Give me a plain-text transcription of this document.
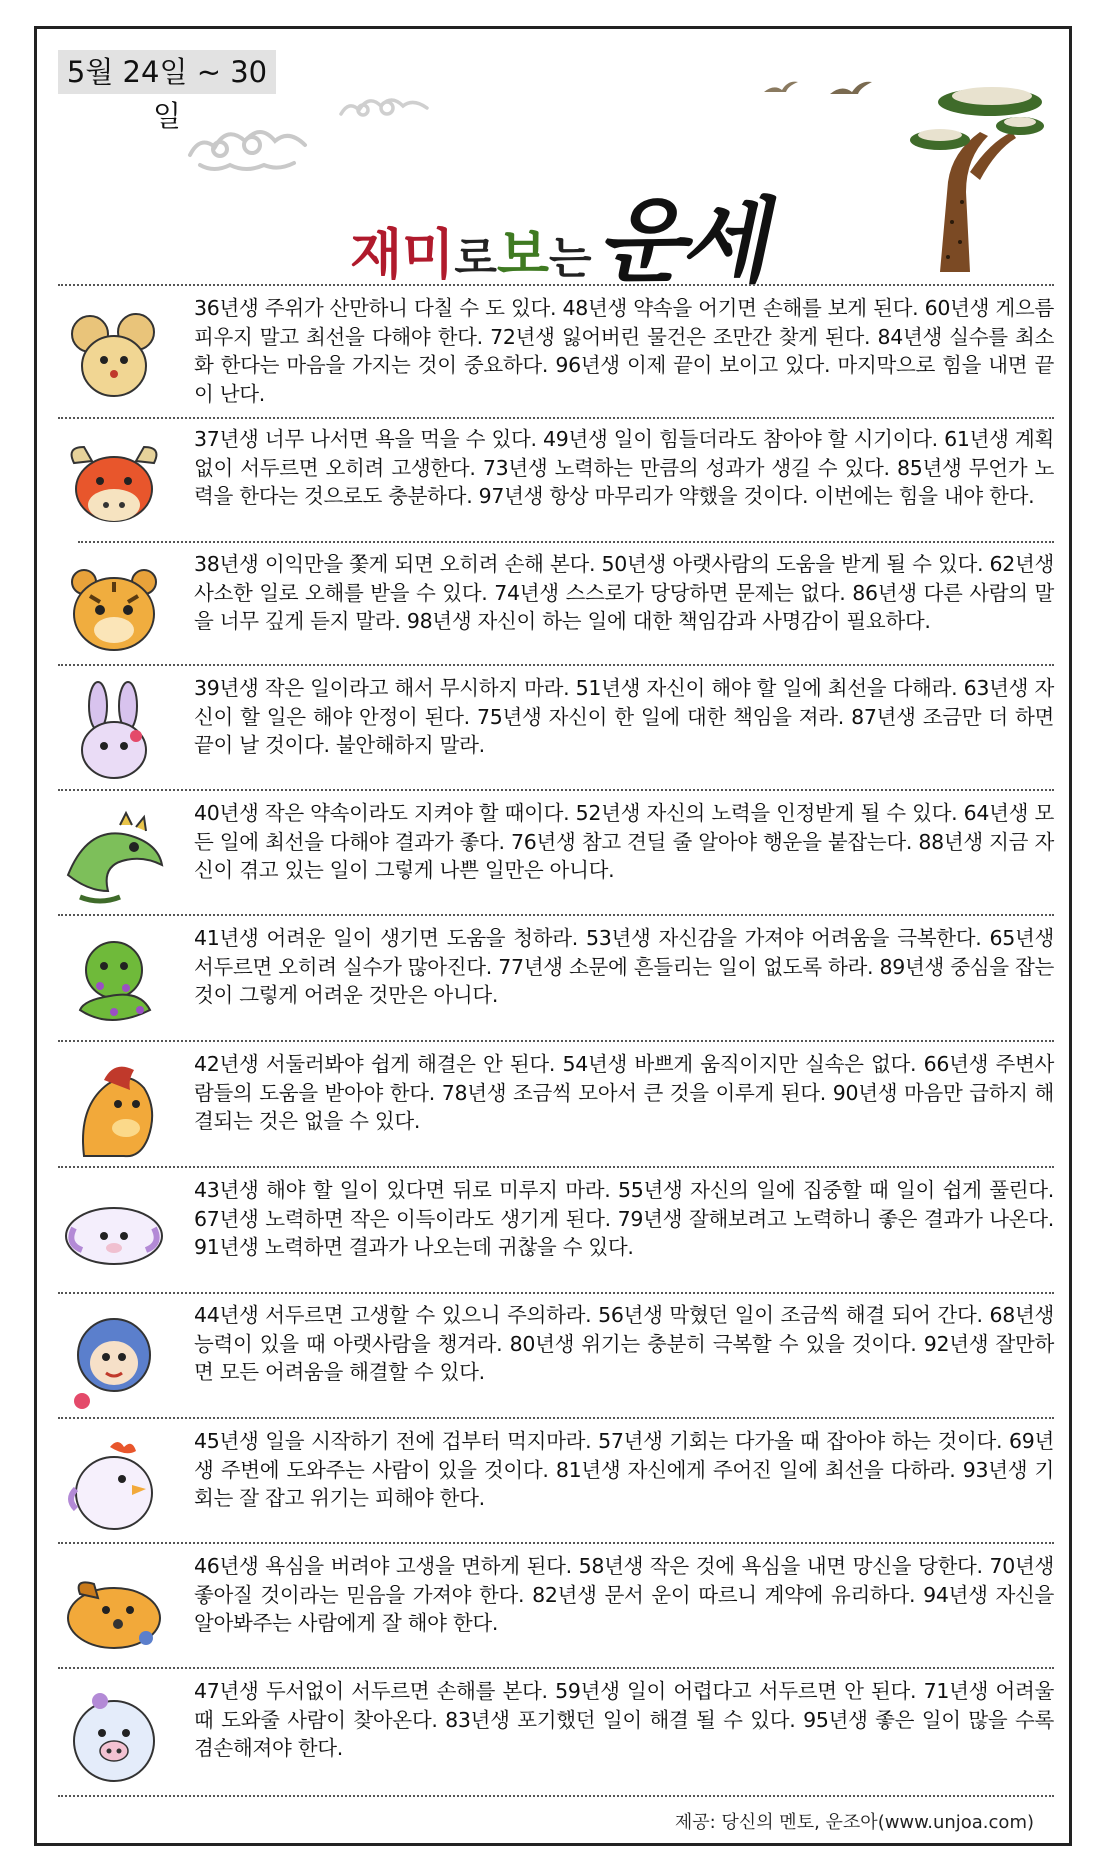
5월 24일 ~ 30일
재미로보는운세
36년생 주위가 산만하니 다칠 수 도 있다. 48년생 약속을 어기면 손해를 보게 된다. 60년생 게으름 피우지 말고 최선을 다해야 한다. 72년생 잃어버린 물건은 조만간 찾게 된다. 84년생 실수를 최소화 한다는 마음을 가지는 것이 중요하다. 96년생 이제 끝이 보이고 있다. 마지막으로 힘을 내면 끝이 난다.
37년생 너무 나서면 욕을 먹을 수 있다. 49년생 일이 힘들더라도 참아야 할 시기이다. 61년생 계획 없이 서두르면 오히려 고생한다. 73년생 노력하는 만큼의 성과가 생길 수 있다. 85년생 무언가 노력을 한다는 것으로도 충분하다. 97년생 항상 마무리가 약했을 것이다. 이번에는 힘을 내야 한다.
38년생 이익만을 쫓게 되면 오히려 손해 본다. 50년생 아랫사람의 도움을 받게 될 수 있다. 62년생 사소한 일로 오해를 받을 수 있다. 74년생 스스로가 당당하면 문제는 없다. 86년생 다른 사람의 말을 너무 깊게 듣지 말라. 98년생 자신이 하는 일에 대한 책임감과 사명감이 필요하다.
39년생 작은 일이라고 해서 무시하지 마라. 51년생 자신이 해야 할 일에 최선을 다해라. 63년생 자신이 할 일은 해야 안정이 된다. 75년생 자신이 한 일에 대한 책임을 져라. 87년생 조금만 더 하면 끝이 날 것이다. 불안해하지 말라.
40년생 작은 약속이라도 지켜야 할 때이다. 52년생 자신의 노력을 인정받게 될 수 있다. 64년생 모든 일에 최선을 다해야 결과가 좋다. 76년생 참고 견딜 줄 알아야 행운을 붙잡는다. 88년생 지금 자신이 겪고 있는 일이 그렇게 나쁜 일만은 아니다.
41년생 어려운 일이 생기면 도움을 청하라. 53년생 자신감을 가져야 어려움을 극복한다. 65년생 서두르면 오히려 실수가 많아진다. 77년생 소문에 흔들리는 일이 없도록 하라. 89년생 중심을 잡는 것이 그렇게 어려운 것만은 아니다.
42년생 서둘러봐야 쉽게 해결은 안 된다. 54년생 바쁘게 움직이지만 실속은 없다. 66년생 주변사람들의 도움을 받아야 한다. 78년생 조금씩 모아서 큰 것을 이루게 된다. 90년생 마음만 급하지 해결되는 것은 없을 수 있다.
43년생 해야 할 일이 있다면 뒤로 미루지 마라. 55년생 자신의 일에 집중할 때 일이 쉽게 풀린다. 67년생 노력하면 작은 이득이라도 생기게 된다. 79년생 잘해보려고 노력하니 좋은 결과가 나온다. 91년생 노력하면 결과가 나오는데 귀찮을 수 있다.
44년생 서두르면 고생할 수 있으니 주의하라. 56년생 막혔던 일이 조금씩 해결 되어 간다. 68년생 능력이 있을 때 아랫사람을 챙겨라. 80년생 위기는 충분히 극복할 수 있을 것이다. 92년생 잘만하면 모든 어려움을 해결할 수 있다.
45년생 일을 시작하기 전에 겁부터 먹지마라. 57년생 기회는 다가올 때 잡아야 하는 것이다. 69년생 주변에 도와주는 사람이 있을 것이다. 81년생 자신에게 주어진 일에 최선을 다하라. 93년생 기회는 잘 잡고 위기는 피해야 한다.
46년생 욕심을 버려야 고생을 면하게 된다. 58년생 작은 것에 욕심을 내면 망신을 당한다. 70년생 좋아질 것이라는 믿음을 가져야 한다. 82년생 문서 운이 따르니 계약에 유리하다. 94년생 자신을 알아봐주는 사람에게 잘 해야 한다.
47년생 두서없이 서두르면 손해를 본다. 59년생 일이 어렵다고 서두르면 안 된다. 71년생 어려울 때 도와줄 사람이 찾아온다. 83년생 포기했던 일이 해결 될 수 있다. 95년생 좋은 일이 많을 수록 겸손해져야 한다.
제공: 당신의 멘토, 운조아(www.unjoa.com)
